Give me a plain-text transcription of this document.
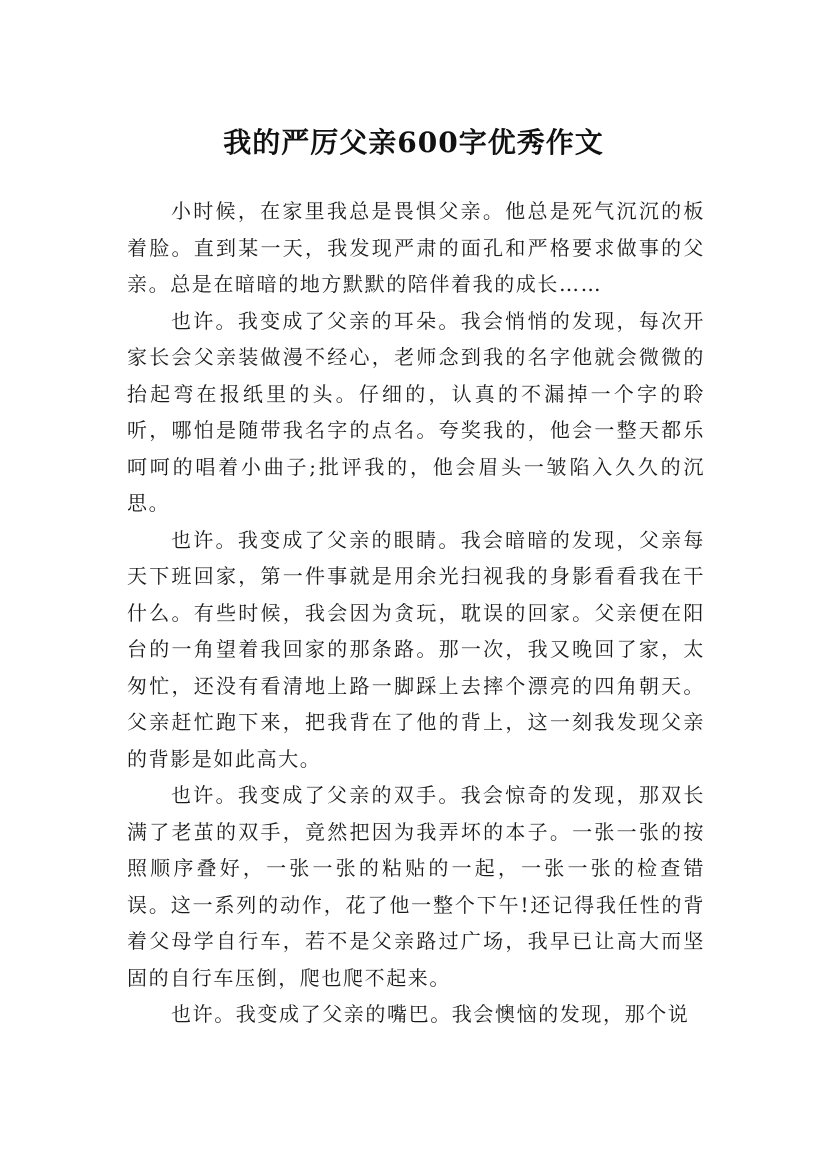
我的严厉父亲600字优秀作文

小时候，在家里我总是畏惧父亲。他总是死气沉沉的板着脸。直到某一天，我发现严肃的面孔和严格要求做事的父亲。总是在暗暗的地方默默的陪伴着我的成长……

也许。我变成了父亲的耳朵。我会悄悄的发现，每次开家长会父亲装做漫不经心，老师念到我的名字他就会微微的抬起弯在报纸里的头。仔细的，认真的不漏掉一个字的聆听，哪怕是随带我名字的点名。夸奖我的，他会一整天都乐呵呵的唱着小曲子;批评我的，他会眉头一皱陷入久久的沉思。

也许。我变成了父亲的眼睛。我会暗暗的发现，父亲每天下班回家，第一件事就是用余光扫视我的身影看看我在干什么。有些时候，我会因为贪玩，耽误的回家。父亲便在阳台的一角望着我回家的那条路。那一次，我又晚回了家，太匆忙，还没有看清地上路一脚踩上去摔个漂亮的四角朝天。父亲赶忙跑下来，把我背在了他的背上，这一刻我发现父亲的背影是如此高大。

也许。我变成了父亲的双手。我会惊奇的发现，那双长满了老茧的双手，竟然把因为我弄坏的本子。一张一张的按照顺序叠好，一张一张的粘贴的一起，一张一张的检查错误。这一系列的动作，花了他一整个下午!还记得我任性的背着父母学自行车，若不是父亲路过广场，我早已让高大而坚固的自行车压倒，爬也爬不起来。

也许。我变成了父亲的嘴巴。我会懊恼的发现，那个说
